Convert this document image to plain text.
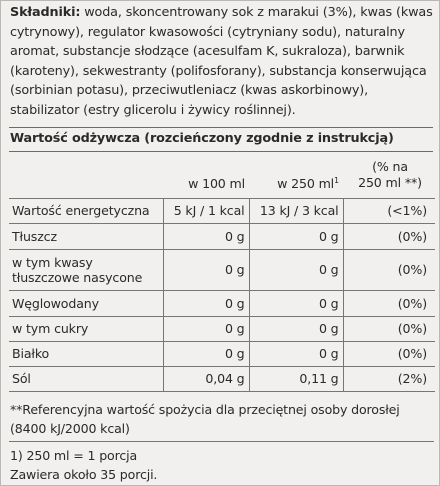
Składniki: woda, skoncentrowany sok z marakui (3%), kwas (kwas cytrynowy), regulator kwasowości (cytryniany sodu), naturalny aromat, substancje słodzące (acesulfam K, sukraloza), barwnik (karoteny), sekwestranty (polifosforany), substancja konserwująca (sorbinian potasu), przeciwutleniacz (kwas askorbinowy), stabilizator (estry glicerolu i żywicy roślinnej).
Wartość odżywcza (rozcieńczony zgodnie z instrukcją)
	w 100 ml	w 250 $ml^1$	(% na
250 ml **)

Wartość energetyczna	5 kJ / 1 kcal	13 kJ / 3 kcal	(<1%)
Tłuszcz	0 g	0 g	(0%)
w tym kwasy tłuszczowe nasycone	0 g	0 g	(0%)
Węglowodany	0 g	0 g	(0%)
w tym cukry	0 g	0 g	(0%)
Białko	0 g	0 g	(0%)
Sól	0,04 g	0,11 g	(2%)
**Referencyjna wartość spożycia dla przeciętnej osoby dorosłej (8400 kJ/2000 kcal)
1) 250 ml = 1 porcja
Zawiera około 35 porcji.
